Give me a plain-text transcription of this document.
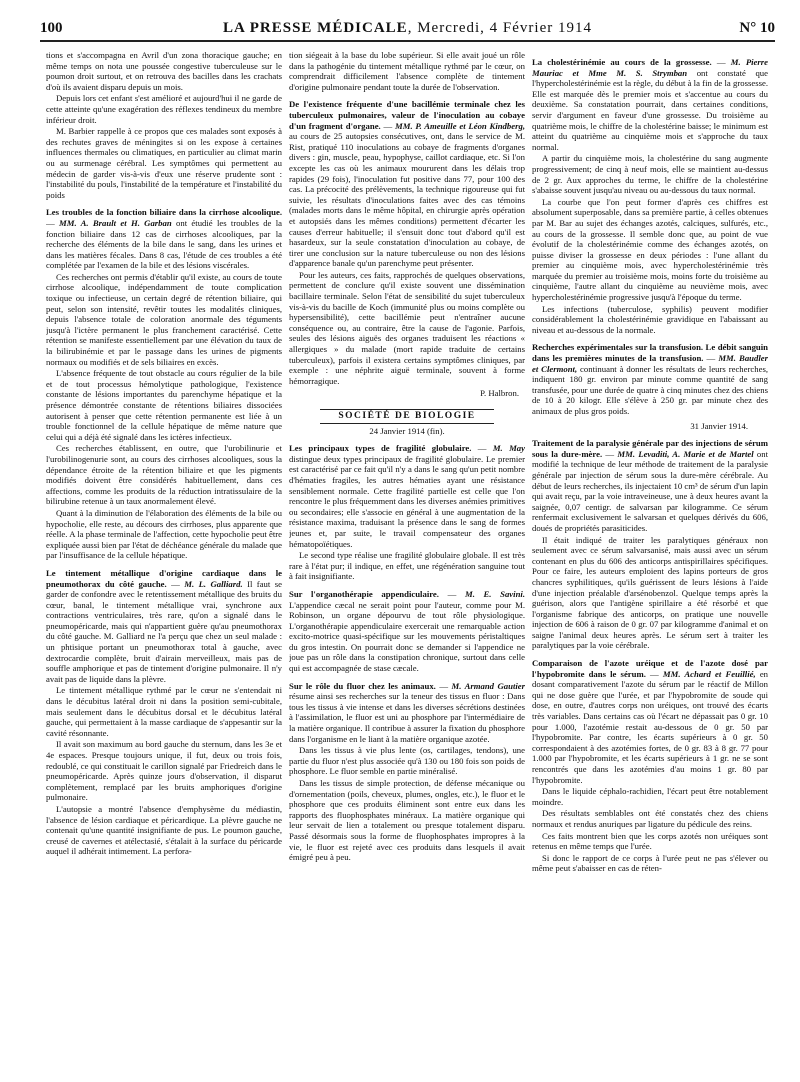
100	LA PRESSE MÉDICALE, Mercredi, 4 Février 1914	N° 10

tions et s'accompagna en Avril d'un zona thoracique gauche; en même temps on nota une poussée congestive tuberculeuse sur le poumon droit surtout, et on retrouva des bacilles dans les crachats d'où ils avaient disparu depuis un mois.

Depuis lors cet enfant s'est amélioré et aujourd'hui il ne garde de cette atteinte qu'une exagération des réflexes tendineux du membre inférieur droit.

M. Barbier rappelle à ce propos que ces malades sont exposés à des rechutes graves de méningites si on les expose à certaines influences thermales ou climatiques, en particulier au climat marin ou au surmenage cérébral. Les symptômes qui permettent au médecin de garder vis-à-vis d'eux une réserve prudente sont : l'instabilité du pouls, l'instabilité de la température et l'instabilité du poids

Les troubles de la fonction biliaire dans la cirrhose alcoolique. — MM. A. Brault et H. Garban ont étudié les troubles de la fonction biliaire dans 12 cas de cirrhoses alcooliques, par la recherche des éléments de la bile dans le sang, dans les urines et dans les matières fécales. Dans 8 cas, l'étude de ces troubles a été complétée par l'examen de la bile et des lésions viscérales.

Ces recherches ont permis d'établir qu'il existe, au cours de toute cirrhose alcoolique, indépendamment de toute complication toxique ou infectieuse, un certain degré de rétention biliaire, qui peut, selon son intensité, revêtir toutes les modalités cliniques, depuis l'absence totale de coloration anormale des téguments jusqu'à l'ictère permanent le plus franchement caractérisé. Cette rétention se manifeste essentiellement par une élévation du taux de la bilirubinémie et par le passage dans les urines de pigments normaux ou modifiés et de sels biliaires en excès.

L'absence fréquente de tout obstacle au cours régulier de la bile et de tout processus hémolytique pathologique, l'existence constante de lésions importantes du parenchyme hépatique et la présence démontrée constante de rétentions biliaires dissociées autorisent à penser que cette rétention permanente est liée à un trouble fonctionnel de la cellule hépatique de même nature que celui qui a déjà été signalé dans les ictères infectieux.

Ces recherches établissent, en outre, que l'urobilinurie et l'urobilinogenurie sont, au cours des cirrhoses alcooliques, sous la dépendance étroite de la rétention biliaire et que les pigments modifiés doivent être considérés habituellement, dans ces affections, comme les produits de la réduction intratissulaire de la bilirubine retenue à un taux anormalement élevé.

Quant à la diminution de l'élaboration des éléments de la bile ou hypocholie, elle reste, au décours des cirrhoses, plus apparente que réelle. A la phase terminale de l'affection, cette hypocholie peut être expliquée aussi bien par l'état de déchéance générale du malade que par l'insuffisance de la cellule hépatique.

Le tintement métallique d'origine cardiaque dans le pneumothorax du côté gauche. — M. L. Galliard. Il faut se garder de confondre avec le retentissement métallique des bruits du cœur, banal, le tintement métallique vrai, synchrone aux contractions ventriculaires, très rare, qu'on a signalé dans le pneumopéricarde, mais qui n'appartient guère qu'au pneumothorax du côté gauche. M. Galliard ne l'a perçu que chez un seul malade : un phtisique portant un pneumothorax total à gauche, avec dextrocardie complète, bruit d'airain merveilleux, mais pas de souffle amphorique et pas de tintement d'origine pulmonaire. Il n'y avait pas de liquide dans la plèvre.

Le tintement métallique rythmé par le cœur ne s'entendait ni dans le décubitus latéral droit ni dans la position semi-cubitale, mais seulement dans le décubitus dorsal et le décubitus latéral gauche, qui permettaient à la masse cardiaque de s'appesantir sur la cavité résonnante.

Il avait son maximum au bord gauche du sternum, dans les 3e et 4e espaces. Presque toujours unique, il fut, deux ou trois fois, redoublé, ce qui constituait le carillon signalé par Friedreich dans le pneumopéricarde. Après quinze jours d'observation, il disparut complètement, remplacé par les bruits amphoriques d'origine pulmonaire.

L'autopsie a montré l'absence d'emphysème du médiastin, l'absence de lésion cardiaque et péricardique. La plèvre gauche ne contenait qu'une quantité insignifiante de pus. Le poumon gauche, creusé de cavernes et atélectasié, s'étalait à la surface du péricarde auquel il adhérait intimement. La perfora-

tion siégeait à la base du lobe supérieur. Si elle avait joué un rôle dans la pathogénie du tintement métallique rythmé par le cœur, on comprendrait difficilement l'absence complète de tintement d'origine pulmonaire pendant toute la durée de l'observation.

De l'existence fréquente d'une bacillémie terminale chez les tuberculeux pulmonaires, valeur de l'inoculation au cobaye d'un fragment d'organe. — MM. P. Ameuille et Léon Kindberg, au cours de 25 autopsies consécutives, ont, dans le service de M. Rist, pratiqué 110 inoculations au cobaye de fragments d'organes divers : gin, muscle, peau, hypophyse, caillot cardiaque, etc. Si l'on excepte les cas où les animaux moururent dans les délais trop rapides (29 fois), l'inoculation fut positive dans 77, pour 100 des cas. La précocité des prélèvements, la technique rigoureuse qui fut suivie, les résultats d'inoculations faites avec des cas témoins (malades morts dans le même hôpital, en chirurgie après opération et autopsiés dans les mêmes conditions) permettent d'écarter les causes d'erreur habituelle; il s'ensuit donc tout d'abord qu'il est hasardeux, sur la seule constatation d'inoculation au cobaye, de tirer une conclusion sur la nature tuberculeuse ou non des lésions d'apparence banale qu'un parenchyme peut présenter.

Pour les auteurs, ces faits, rapprochés de quelques observations, permettent de conclure qu'il existe souvent une dissémination bacillaire terminale. Selon l'état de sensibilité du sujet tuberculeux vis-à-vis du bacille de Koch (immunité plus ou moins complète ou hypersensibilité), cette bacillémie peut n'entraîner aucune conséquence ou, au contraire, être la cause de l'agonie. Parfois, seules des lésions aiguës des organes traduisent les réactions « allergiques » du malade (mort rapide traduite de certains tuberculeux), parfois il existera certains symptômes cliniques, par exemple : une néphrite aiguë terminale, souvent à forme hémorragique.

P. Halbron.
SOCIÉTÉ DE BIOLOGIE
24 Janvier 1914 (fin).

Les principaux types de fragilité globulaire. — M. May distingue deux types principaux de fragilité globulaire. Le premier est caractérisé par ce fait qu'il n'y a dans le sang qu'un petit nombre d'hématies fragiles, les autres hématies ayant une résistance sensiblement normale. Cette fragilité partielle est celle que l'on rencontre le plus fréquemment dans les diverses anémies primitives ou secondaires; elle s'associe en général à une augmentation de la résistance maxima, traduisant la présence dans le sang de formes jeunes et, par suite, le travail compensateur des organes hématopoïétiques.

Le second type réalise une fragilité globulaire globale. Il est très rare à l'état pur; il indique, en effet, une régénération sanguine tout à fait insignifiante.

Sur l'organothérapie appendiculaire. — M. E. Savini. L'appendice cæcal ne serait point pour l'auteur, comme pour M. Robinson, un organe dépourvu de tout rôle physiologique. L'organothérapie appendiculaire exercerait une remarquable action excito-motrice quasi-spécifique sur les mouvements péristaltiques du gros intestin. On pourrait donc se demander si l'appendice ne joue pas un rôle dans la constipation chronique, surtout dans celle qui est accompagnée de stase cæcale.

Sur le rôle du fluor chez les animaux. — M. Armand Gautier résume ainsi ses recherches sur la teneur des tissus en fluor : Dans tous les tissus à vie intense et dans les diverses sécrétions destinées à l'assimilation, le fluor est uni au phosphore par l'intermédiaire de la matière organique. Il contribue à assurer la fixation du phosphore dans l'organisme en le liant à la matière organique azotée.

Dans les tissus à vie plus lente (os, cartilages, tendons), une partie du fluor n'est plus associée qu'à 130 ou 180 fois son poids de phosphore. Le fluor semble en partie minéralisé.

Dans les tissus de simple protection, de défense mécanique ou d'ornementation (poils, cheveux, plumes, ongles, etc.), le fluor et le phosphore que ces produits éliminent sont entre eux dans les rapports des fluophosphates minéraux. La matière organique qui leur servait de lien a totalement ou presque totalement disparu. Passé désormais sous la forme de fluophosphates impropres à la vie, le fluor est rejeté avec ces produits dans lesquels il avait émigré peu à peu.

La cholestérinémie au cours de la grossesse. — M. Pierre Mauriac et Mme M. S. Strymban ont constaté que l'hypercholestérinémie est la règle, du début à la fin de la grossesse. Elle est marquée dès le premier mois et s'accentue au cours du deuxième. Sa constatation pourrait, dans certaines conditions, servir d'argument en faveur d'une grossesse. Du troisième au quatrième mois, le chiffre de la cholestérine baisse; le minimum est atteint du quatrième au cinquième mois et s'approche du taux normal.

A partir du cinquième mois, la cholestérine du sang augmente progressivement; de cinq à neuf mois, elle se maintient au-dessus de 2 gr. Aux approches du terme, le chiffre de la cholestérine s'abaisse souvent jusqu'au niveau ou au-dessous du taux normal.

La courbe que l'on peut former d'après ces chiffres est absolument superposable, dans sa première partie, à celles obtenues par M. Bar au sujet des échanges azotés, calciques, sulfurés, etc., au cours de la grossesse. Il semble donc que, au point de vue évolutif de la cholestérinémie comme des échanges azotés, on puisse diviser la grossesse en deux périodes : l'une allant du premier au cinquième mois, avec hypercholestérinémie très marquée du premier au troisième mois, moins forte du troisième au cinquième, l'autre allant du cinquième au neuvième mois, avec hypercholestérinémie progressive jusqu'à l'époque du terme.

Les infections (tuberculose, syphilis) peuvent modifier considérablement la cholestérinémie gravidique en l'abaissant au niveau et au-dessous de la normale.

Recherches expérimentales sur la transfusion. Le débit sanguin dans les premières minutes de la transfusion. — MM. Baudler et Clermont, continuant à donner les résultats de leurs recherches, indiquent 180 gr. environ par minute comme quantité de sang transfusée, pour une durée de quatre à cinq minutes chez des chiens de 10 à 20 kilogr. Elle s'élève à 250 gr. par minute chez des animaux de plus gros poids.

31 Janvier 1914.

Traitement de la paralysie générale par des injections de sérum sous la dure-mère. — MM. Levaditi, A. Marie et de Martel ont modifié la technique de leur méthode de traitement de la paralysie générale par injection de sérum sous la dure-mère cérébrale. Au début de leurs recherches, ils injectaient 10 cm³ de sérum d'un lapin qui avait reçu, par la voie intraveineuse, une à deux heures avant la saignée, 0,07 centigr. de salvarsan par kilogramme. Ce sérum renfermait exclusivement le salvarsan et quelques dérivés du 606, doués de propriétés parasiticides.

Il était indiqué de traiter les paralytiques généraux non seulement avec ce sérum salvarsanisé, mais aussi avec un sérum contenant en plus du 606 des anticorps antispirillaires spécifiques. Pour ce faire, les auteurs emploient des lapins porteurs de gros chancres syphilitiques, qu'ils guérissent de leurs lésions à l'aide d'une injection préalable d'arsénobenzol. Quelque temps après la guérison, alors que l'antigène spirillaire a été résorbé et que l'organisme fabrique des anticorps, on pratique une nouvelle injection de 606 à raison de 0 gr. 07 par kilogramme d'animal et on saigne l'animal deux heures après. Le sérum sert à traiter les paralytiques par la voie cérébrale.

Comparaison de l'azote uréique et de l'azote dosé par l'hypobromite dans le sérum. — MM. Achard et Feuillié, en dosant comparativement l'azote du sérum par le réactif de Millon qui ne dose guère que l'urée, et par l'hypobromite de soude qui dose, en outre, d'autres corps non uréiques, ont trouvé des écarts très variables. Dans certains cas où l'écart ne dépassait pas 0 gr. 10 pour 1.000, l'azotémie restait au-dessous de 0 gr. 50 par l'hypobromite. Par contre, les écarts supérieurs à 0 gr. 50 correspondaient à des azotémies fortes, de 0 gr. 83 à 8 gr. 77 pour 1.000 par l'hypobromite, et les écarts supérieurs à 1 gr. ne se sont rencontrés que dans les azotémies d'au moins 1 gr. 80 par l'hypobromite.

Dans le liquide céphalo-rachidien, l'écart peut être notablement moindre.

Des résultats semblables ont été constatés chez des chiens normaux et rendus anuriques par ligature du pédicule des reins.

Ces faits montrent bien que les corps azotés non uréiques sont retenus en même temps que l'urée.

Si donc le rapport de ce corps à l'urée peut ne pas s'élever ou même peut s'abaisser en cas de réten-
